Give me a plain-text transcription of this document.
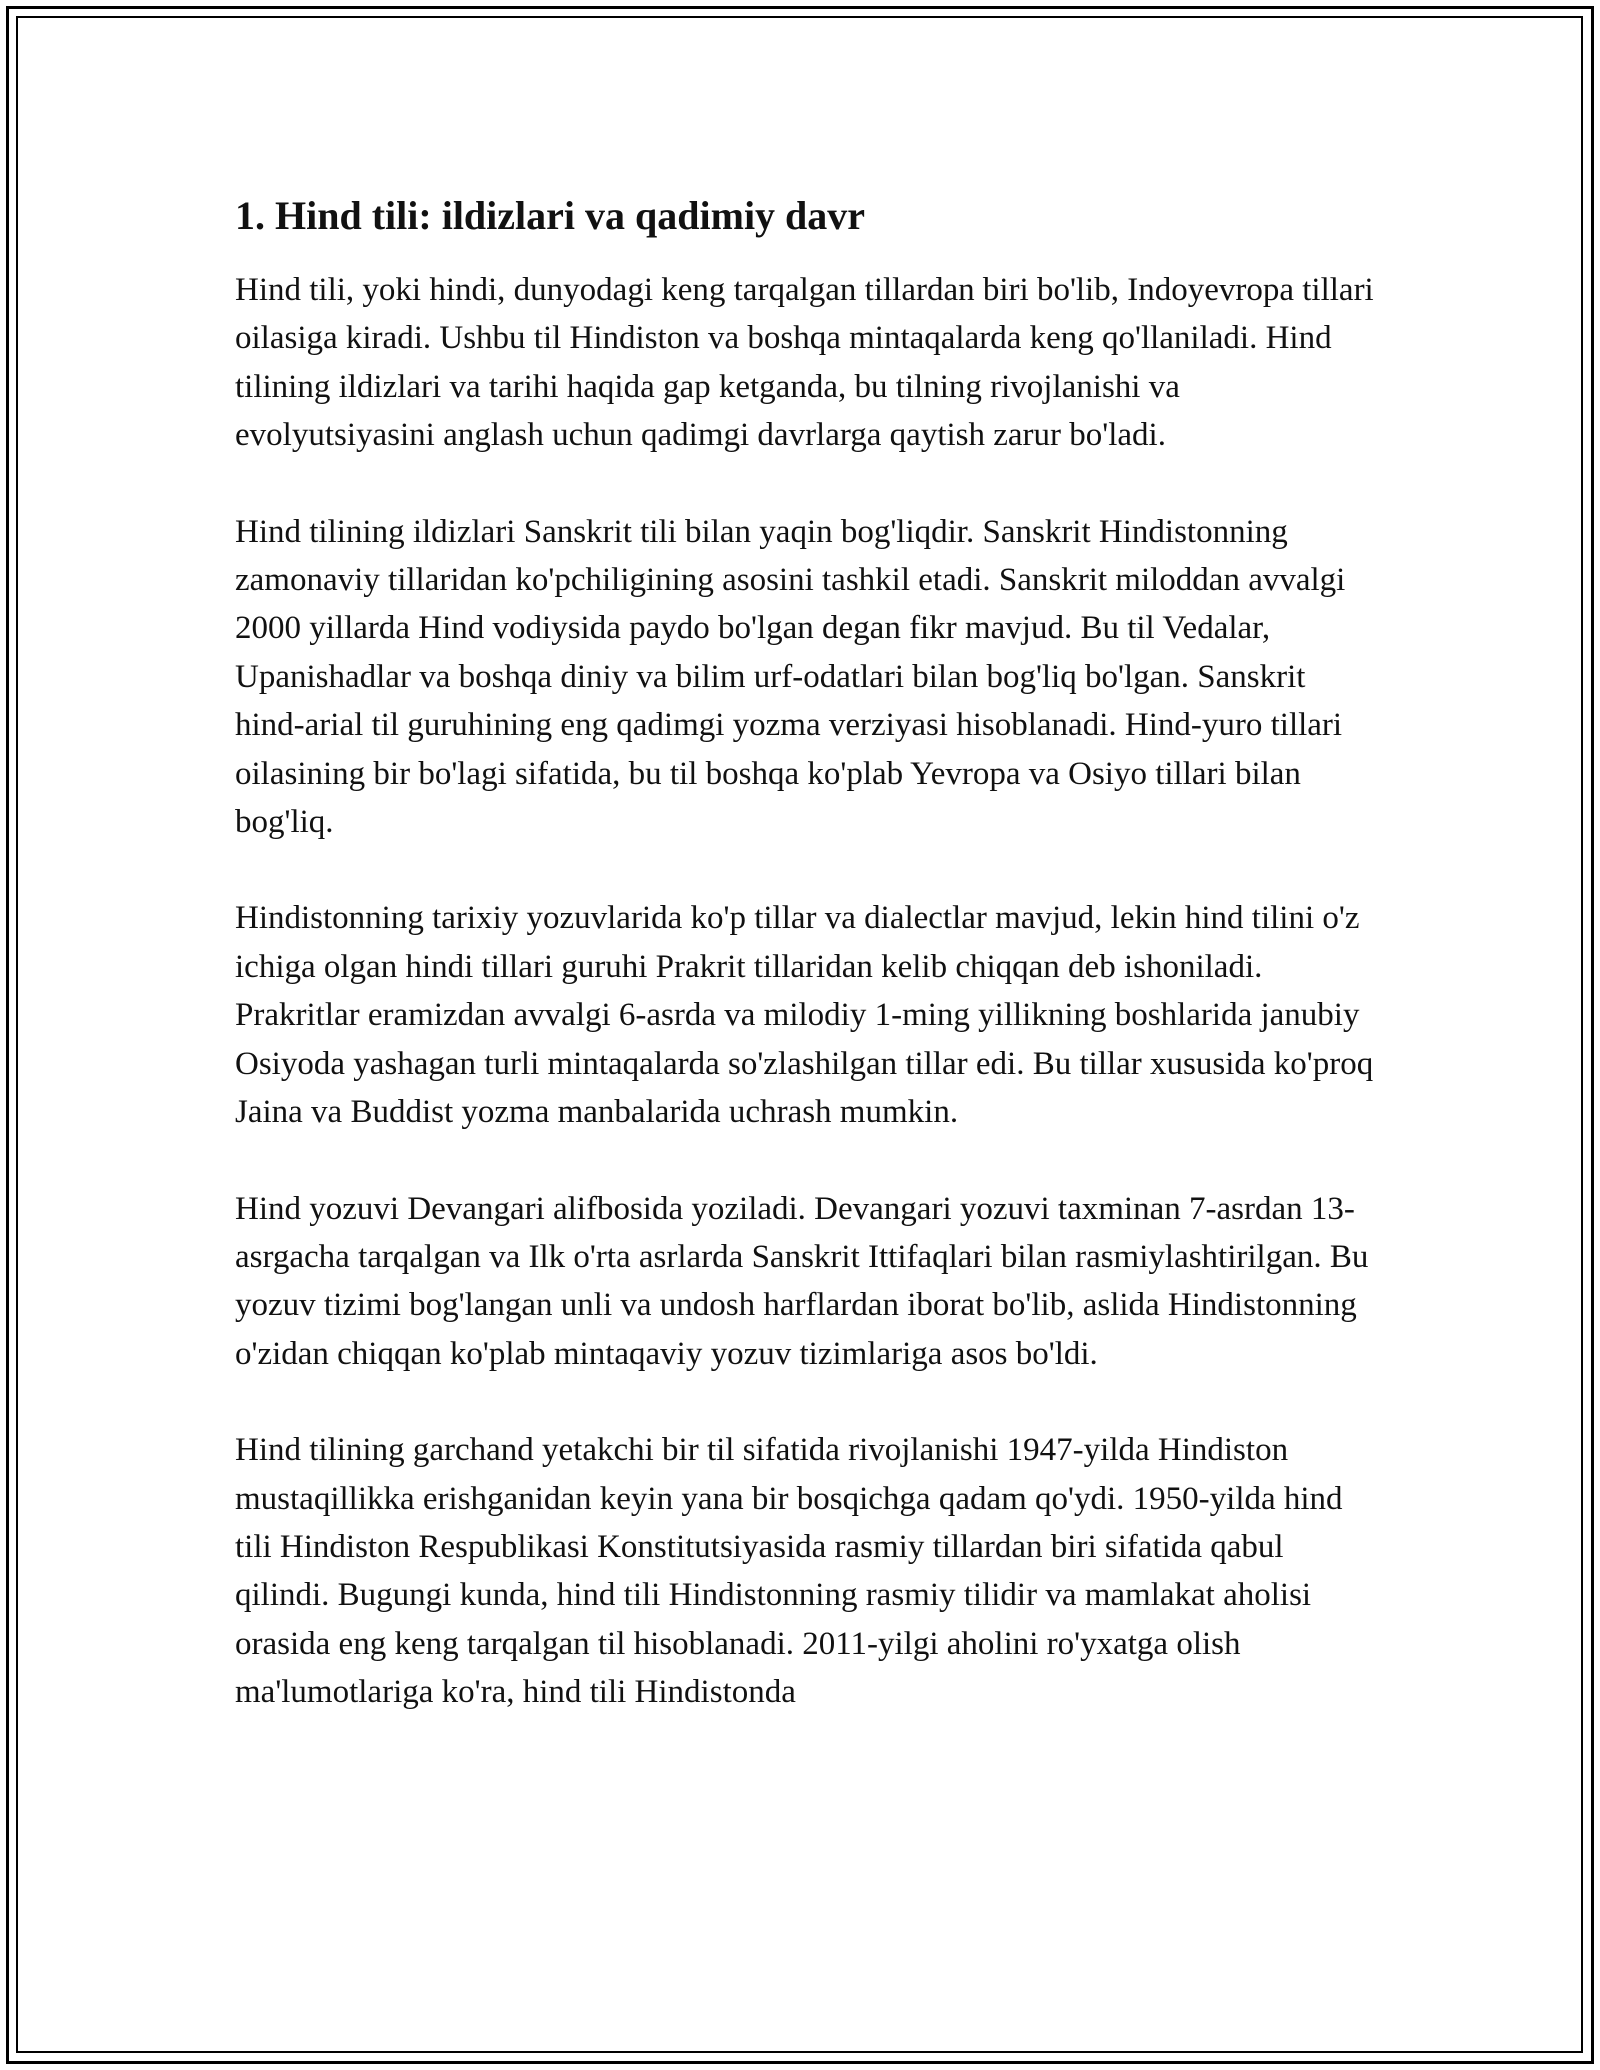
1. Hind tili: ildizlari va qadimiy davr

Hind tili, yoki hindi, dunyodagi keng tarqalgan tillardan biri bo'lib, Indoyevropa tillari oilasiga kiradi. Ushbu til Hindiston va boshqa mintaqalarda keng qo'llaniladi. Hind tilining ildizlari va tarihi haqida gap ketganda, bu tilning rivojlanishi va evolyutsiyasini anglash uchun qadimgi davrlarga qaytish zarur bo'ladi.

Hind tilining ildizlari Sanskrit tili bilan yaqin bog'liqdir. Sanskrit Hindistonning zamonaviy tillaridan ko'pchiligining asosini tashkil etadi. Sanskrit miloddan avvalgi 2000 yillarda Hind vodiysida paydo bo'lgan degan fikr mavjud. Bu til Vedalar, Upanishadlar va boshqa diniy va bilim urf-odatlari bilan bog'liq bo'lgan. Sanskrit hind-arial til guruhining eng qadimgi yozma verziyasi hisoblanadi. Hind-yuro tillari oilasining bir bo'lagi sifatida, bu til boshqa ko'plab Yevropa va Osiyo tillari bilan bog'liq.

Hindistonning tarixiy yozuvlarida ko'p tillar va dialectlar mavjud, lekin hind tilini o'z ichiga olgan hindi tillari guruhi Prakrit tillaridan kelib chiqqan deb ishoniladi. Prakritlar eramizdan avvalgi 6-asrda va milodiy 1-ming yillikning boshlarida janubiy Osiyoda yashagan turli mintaqalarda so'zlashilgan tillar edi. Bu tillar xususida ko'proq Jaina va Buddist yozma manbalarida uchrash mumkin.

Hind yozuvi Devangari alifbosida yoziladi. Devangari yozuvi taxminan 7-asrdan 13-asrgacha tarqalgan va Ilk o'rta asrlarda Sanskrit Ittifaqlari bilan rasmiylashtirilgan. Bu yozuv tizimi bog'langan unli va undosh harflardan iborat bo'lib, aslida Hindistonning o'zidan chiqqan ko'plab mintaqaviy yozuv tizimlariga asos bo'ldi.

Hind tilining garchand yetakchi bir til sifatida rivojlanishi 1947-yilda Hindiston mustaqillikka erishganidan keyin yana bir bosqichga qadam qo'ydi. 1950-yilda hind tili Hindiston Respublikasi Konstitutsiyasida rasmiy tillardan biri sifatida qabul qilindi. Bugungi kunda, hind tili Hindistonning rasmiy tilidir va mamlakat aholisi orasida eng keng tarqalgan til hisoblanadi. 2011-yilgi aholini ro'yxatga olish ma'lumotlariga ko'ra, hind tili Hindistonda
